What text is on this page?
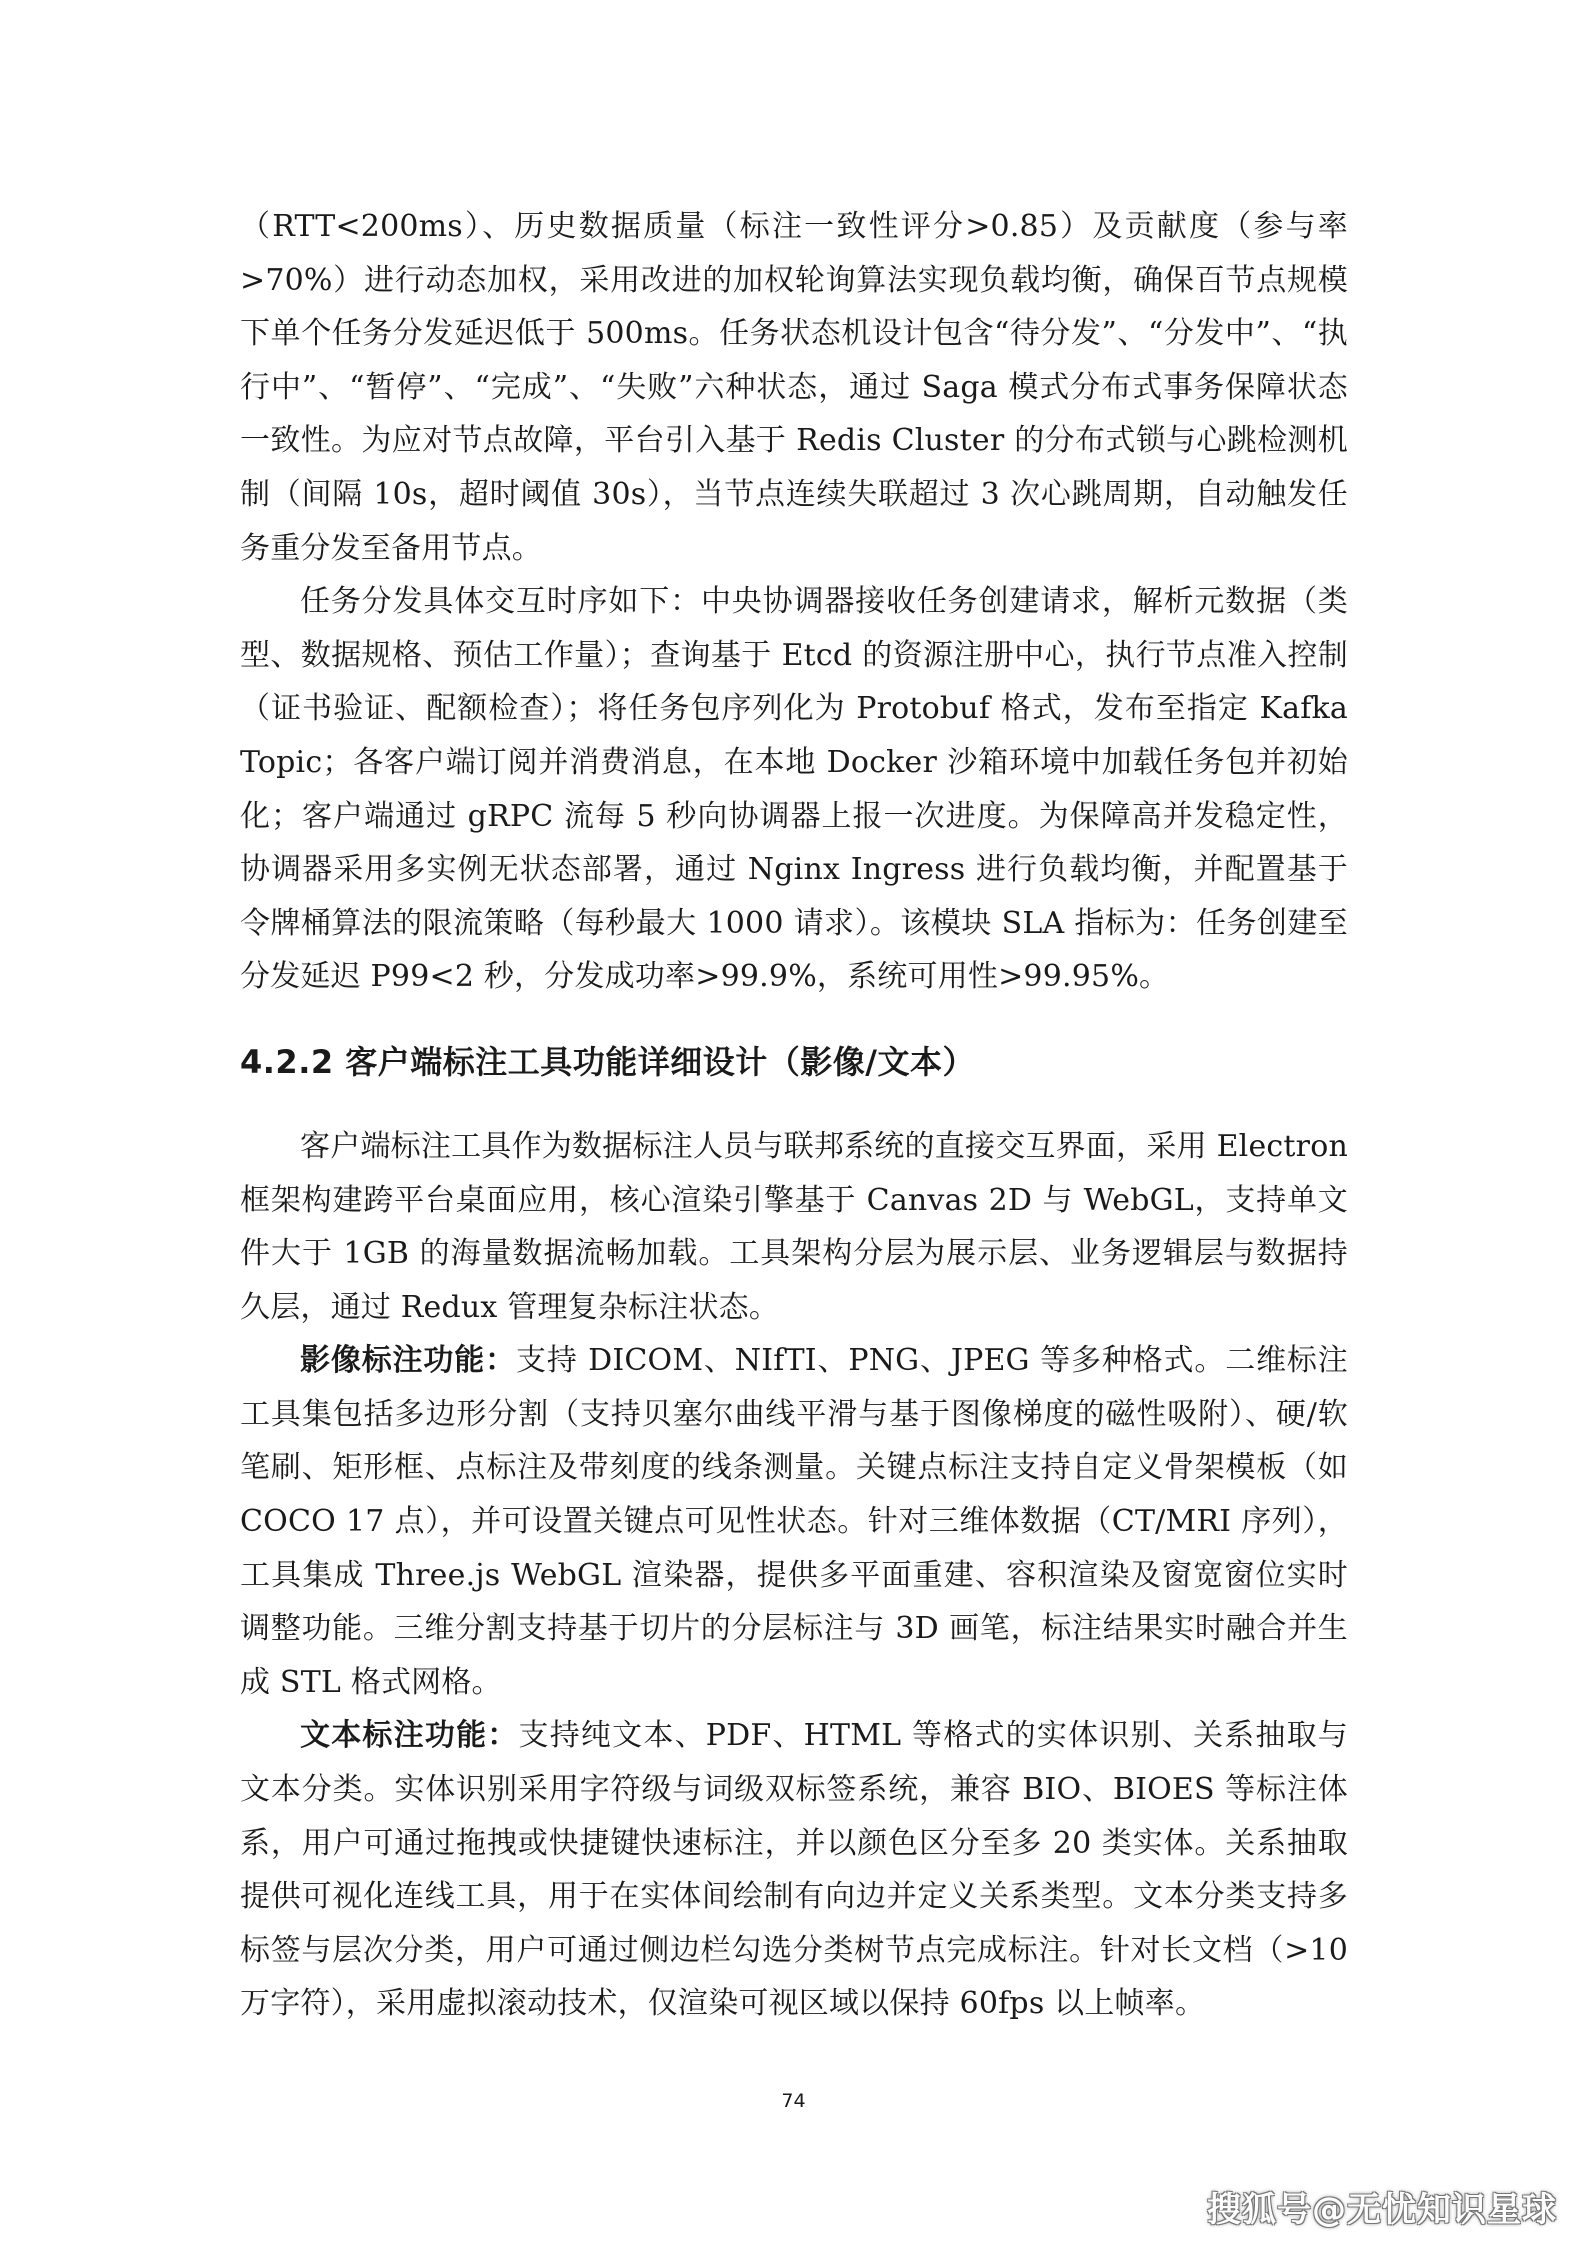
（RTT<200ms）、历史数据质量（标注一致性评分>0.85）及贡献度（参与率>70%）进行动态加权，采用改进的加权轮询算法实现负载均衡，确保百节点规模下单个任务分发延迟低于 500ms。任务状态机设计包含“待分发”、“分发中”、“执行中”、“暂停”、“完成”、“失败”六种状态，通过 Saga 模式分布式事务保障状态一致性。为应对节点故障，平台引入基于 Redis Cluster 的分布式锁与心跳检测机制（间隔 10s，超时阈值 30s），当节点连续失联超过 3 次心跳周期，自动触发任务重分发至备用节点。

任务分发具体交互时序如下：中央协调器接收任务创建请求，解析元数据（类型、数据规格、预估工作量）；查询基于 Etcd 的资源注册中心，执行节点准入控制（证书验证、配额检查）；将任务包序列化为 Protobuf 格式，发布至指定 Kafka Topic；各客户端订阅并消费消息，在本地 Docker 沙箱环境中加载任务包并初始化；客户端通过 gRPC 流每 5 秒向协调器上报一次进度。为保障高并发稳定性，协调器采用多实例无状态部署，通过 Nginx Ingress 进行负载均衡，并配置基于令牌桶算法的限流策略（每秒最大 1000 请求）。该模块 SLA 指标为：任务创建至分发延迟 P99<2 秒，分发成功率>99.9%，系统可用性>99.95%。

4.2.2 客户端标注工具功能详细设计（影像/文本）

客户端标注工具作为数据标注人员与联邦系统的直接交互界面，采用 Electron 框架构建跨平台桌面应用，核心渲染引擎基于 Canvas 2D 与 WebGL，支持单文件大于 1GB 的海量数据流畅加载。工具架构分层为展示层、业务逻辑层与数据持久层，通过 Redux 管理复杂标注状态。

影像标注功能：支持 DICOM、NIfTI、PNG、JPEG 等多种格式。二维标注工具集包括多边形分割（支持贝塞尔曲线平滑与基于图像梯度的磁性吸附）、硬/软笔刷、矩形框、点标注及带刻度的线条测量。关键点标注支持自定义骨架模板（如 COCO 17 点），并可设置关键点可见性状态。针对三维体数据（CT/MRI 序列），工具集成 Three.js WebGL 渲染器，提供多平面重建、容积渲染及窗宽窗位实时调整功能。三维分割支持基于切片的分层标注与 3D 画笔，标注结果实时融合并生成 STL 格式网格。

文本标注功能：支持纯文本、PDF、HTML 等格式的实体识别、关系抽取与文本分类。实体识别采用字符级与词级双标签系统，兼容 BIO、BIOES 等标注体系，用户可通过拖拽或快捷键快速标注，并以颜色区分至多 20 类实体。关系抽取提供可视化连线工具，用于在实体间绘制有向边并定义关系类型。文本分类支持多标签与层次分类，用户可通过侧边栏勾选分类树节点完成标注。针对长文档（>10 万字符），采用虚拟滚动技术，仅渲染可视区域以保持 60fps 以上帧率。

74
搜狐号@无忧知识星球
